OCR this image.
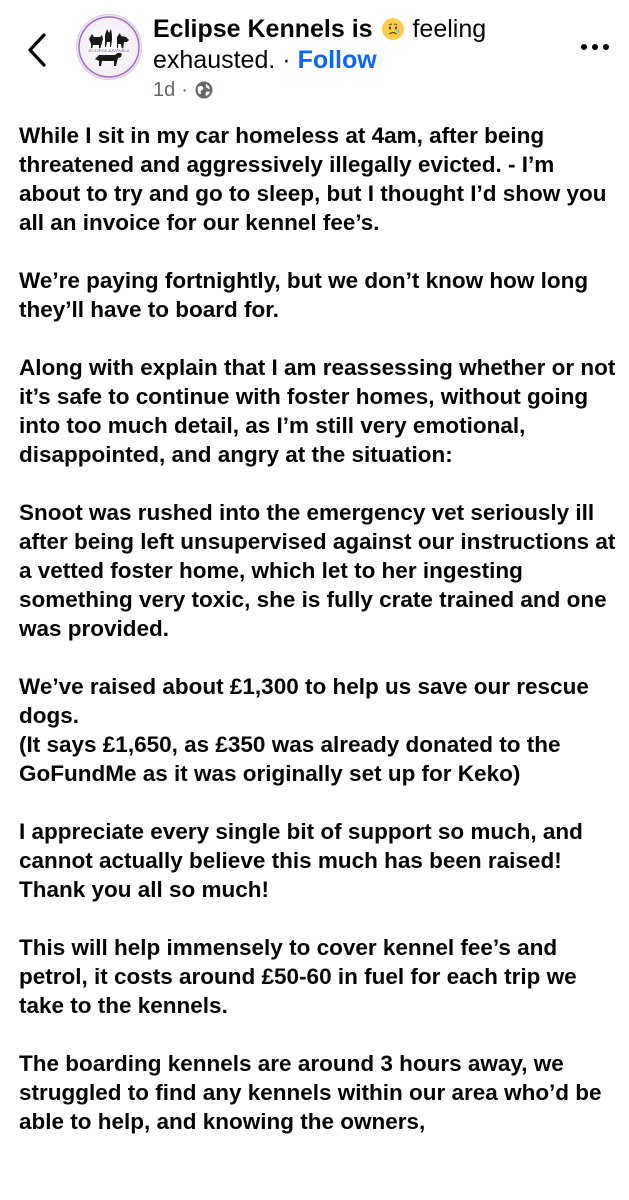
ECLIPSE KENNELS
Eclipse Kennels is feeling
exhausted. · Follow
1d ·

While I sit in my car homeless at 4am, after being threatened and aggressively illegally evicted. - I’m about to try and go to sleep, but I thought I’d show you all an invoice for our kennel fee’s.

We’re paying fortnightly, but we don’t know how long they’ll have to board for.

Along with explain that I am reassessing whether or not it’s safe to continue with foster homes, without going into too much detail, as I’m still very emotional, disappointed, and angry at the situation:

Snoot was rushed into the emergency vet seriously ill after being left unsupervised against our instructions at a vetted foster home, which let to her ingesting something very toxic, she is fully crate trained and one was provided.

We’ve raised about £1,300 to help us save our rescue dogs.
(It says £1,650, as £350 was already donated to the GoFundMe as it was originally set up for Keko)

I appreciate every single bit of support so much, and cannot actually believe this much has been raised!
Thank you all so much!

This will help immensely to cover kennel fee’s and petrol, it costs around £50-60 in fuel for each trip we take to the kennels.

The boarding kennels are around 3 hours away, we struggled to find any kennels within our area who’d be able to help, and knowing the owners,
